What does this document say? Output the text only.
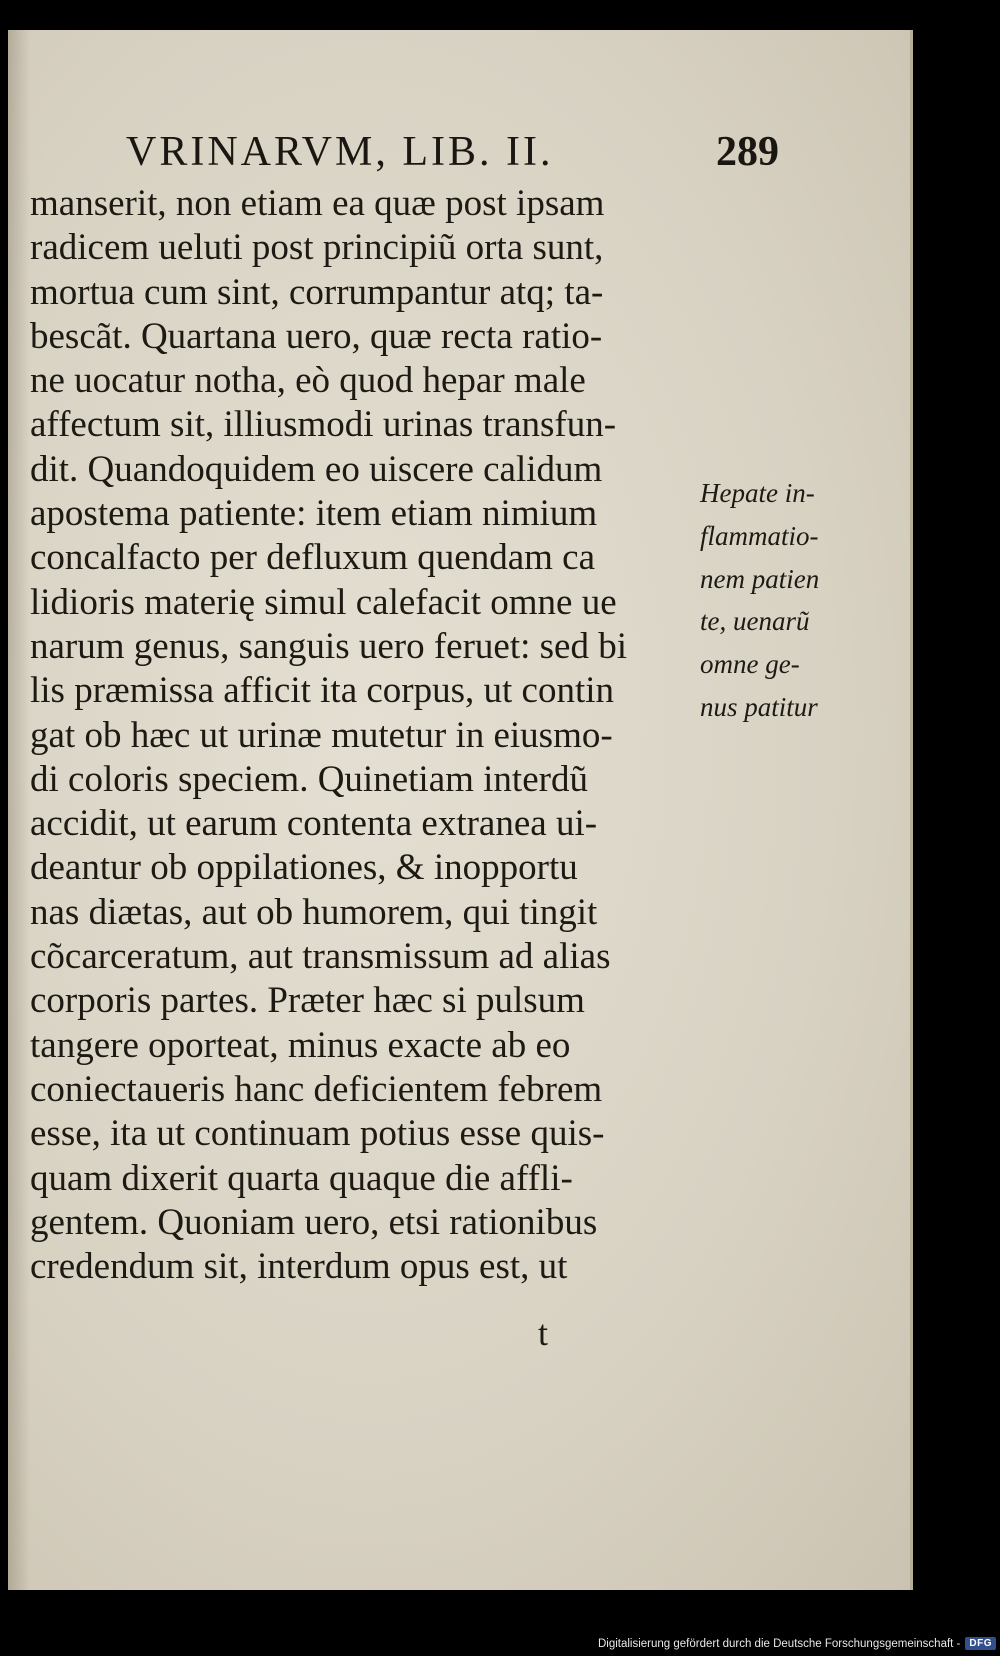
VRINARVM, LIB. II.	289
manserit, non etiam ea quæ post ipsam
radicem ueluti post principiũ orta sunt,
mortua cum sint, corrumpantur atq; ta-
bescãt. Quartana uero, quæ recta ratio-
ne uocatur notha, eò quod hepar male
affectum sit, illiusmodi urinas transfun-
dit. Quandoquidem eo uiscere calidum
apostema patiente: item etiam nimium
concalfacto per defluxum quendam ca
lidioris materię simul calefacit omne ue
narum genus, sanguis uero feruet: sed bi
lis præmissa afficit ita corpus, ut contin
gat ob hæc ut urinæ mutetur in eiusmo-
di coloris speciem. Quinetiam interdũ
accidit, ut earum contenta extranea ui-
deantur ob oppilationes, & inopportu
nas diætas, aut ob humorem, qui tingit
cõcarceratum, aut transmissum ad alias
corporis partes. Præter hæc si pulsum
tangere oporteat, minus exacte ab eo
coniectaueris hanc deficientem febrem
esse, ita ut continuam potius esse quis-
quam dixerit quarta quaque die affli-
gentem. Quoniam uero, etsi rationibus
credendum sit, interdum opus est, ut
t
Hepate in-
flammatio-
nem patien
te, uenarũ
omne ge-
nus patitur
Digitalisierung gefördert durch die Deutsche Forschungsgemeinschaft - DFG
